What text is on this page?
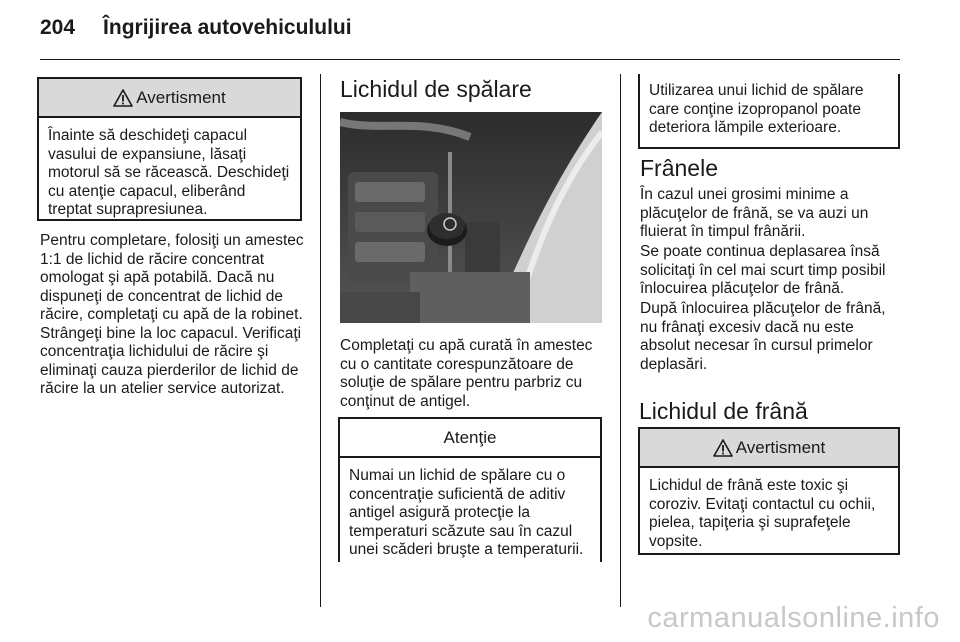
204 Îngrijirea autovehiculului
Avertisment
Înainte să deschideţi capacul vasului de expansiune, lăsaţi motorul să se răcească. Deschideţi cu atenţie capacul, eliberând treptat suprapresiunea.

Pentru completare, folosiţi un amestec 1:1 de lichid de răcire concentrat omologat şi apă potabilă. Dacă nu dispuneţi de concentrat de lichid de răcire, completaţi cu apă de la robinet. Strângeţi bine la loc capacul. Verificaţi concentraţia lichidului de răcire şi eliminaţi cauza pierderilor de lichid de răcire la un atelier service autorizat.

Lichidul de spălare

Completaţi cu apă curată în amestec cu o cantitate corespunzătoare de soluţie de spălare pentru parbriz cu conţinut de antigel.

Atenţie
Numai un lichid de spălare cu o concentraţie suficientă de aditiv antigel asigură protecţie la temperaturi scăzute sau în cazul unei scăderi bruşte a temperaturii.
Utilizarea unui lichid de spălare care conţine izopropanol poate deteriora lămpile exterioare.
Frânele

În cazul unei grosimi minime a plăcuţelor de frână, se va auzi un fluierat în timpul frânării.

Se poate continua deplasarea însă solicitaţi în cel mai scurt timp posibil înlocuirea plăcuţelor de frână.

După înlocuirea plăcuţelor de frână, nu frânaţi excesiv dacă nu este absolut necesar în cursul primelor deplasări.

Lichidul de frână
Avertisment
Lichidul de frână este toxic şi coroziv. Evitaţi contactul cu ochii, pielea, tapiţeria şi suprafeţele vopsite.
carmanualsonline.info
